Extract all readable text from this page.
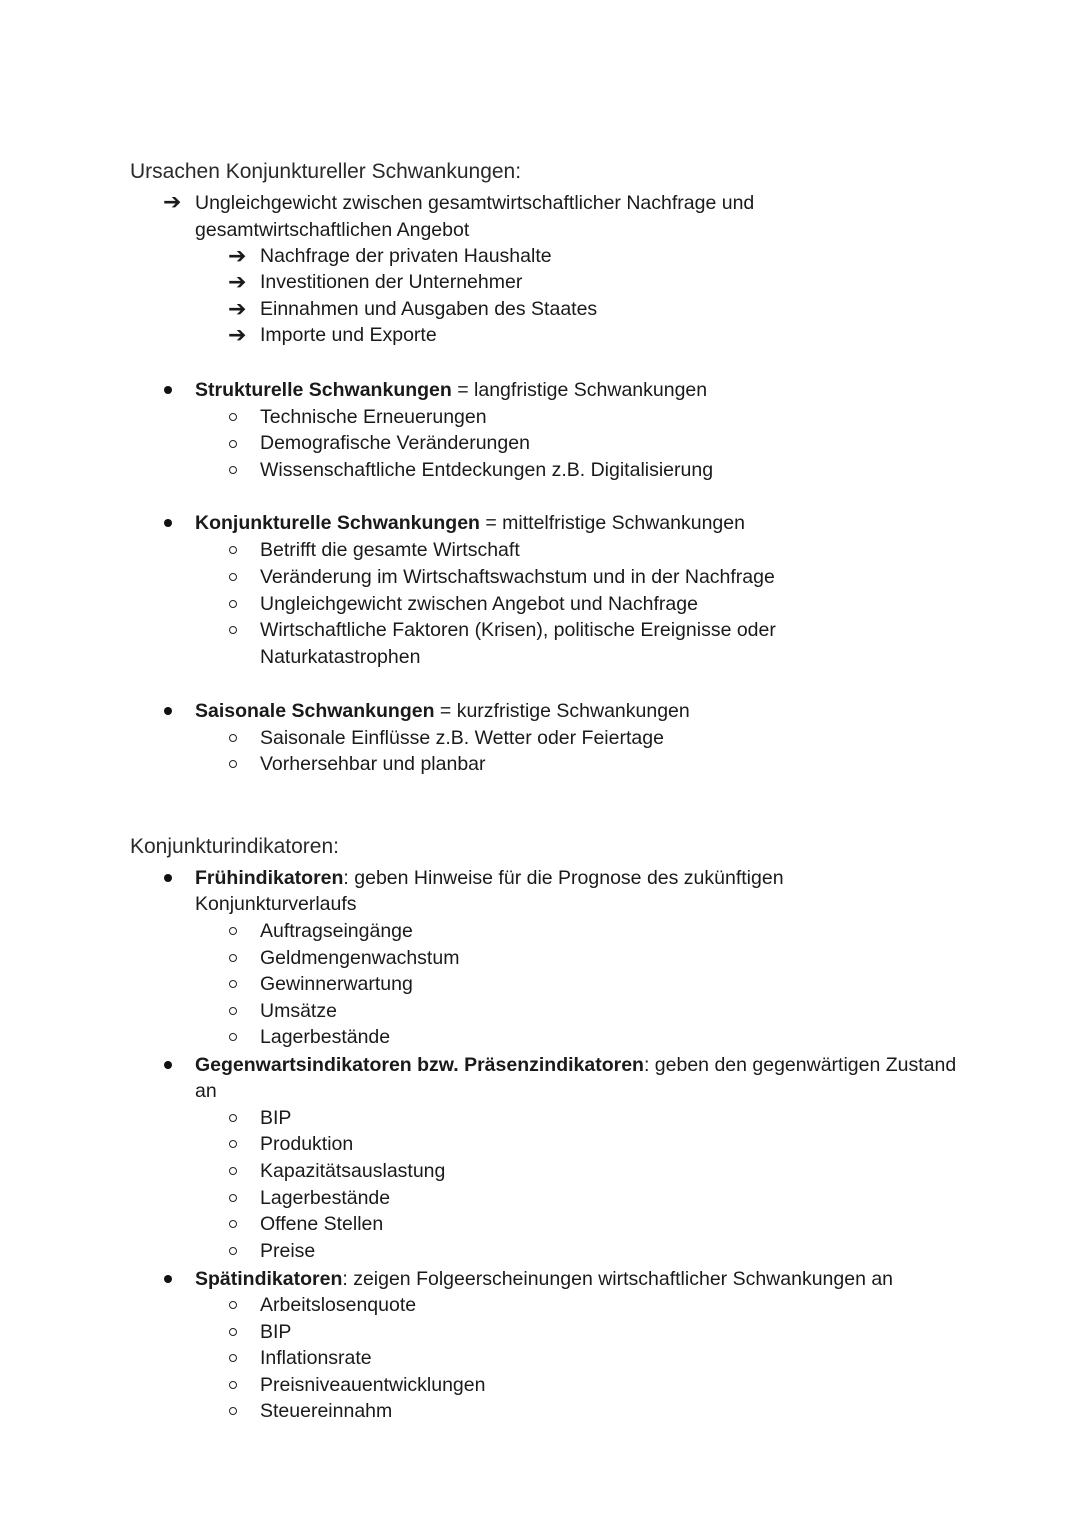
Ursachen Konjunktureller Schwankungen:
➔ Ungleichgewicht zwischen gesamtwirtschaftlicher Nachfrage und
gesamtwirtschaftlichen Angebot
➔ Nachfrage der privaten Haushalte
➔ Investitionen der Unternehmer
➔ Einnahmen und Ausgaben des Staates
➔ Importe und Exporte
Strukturelle Schwankungen = langfristige Schwankungen
Technische Erneuerungen
Demografische Veränderungen
Wissenschaftliche Entdeckungen z.B. Digitalisierung
Konjunkturelle Schwankungen = mittelfristige Schwankungen
Betrifft die gesamte Wirtschaft
Veränderung im Wirtschaftswachstum und in der Nachfrage
Ungleichgewicht zwischen Angebot und Nachfrage
Wirtschaftliche Faktoren (Krisen), politische Ereignisse oder
Naturkatastrophen
Saisonale Schwankungen = kurzfristige Schwankungen
Saisonale Einflüsse z.B. Wetter oder Feiertage
Vorhersehbar und planbar
Konjunkturindikatoren:
Frühindikatoren: geben Hinweise für die Prognose des zukünftigen
Konjunkturverlaufs
Auftragseingänge
Geldmengenwachstum
Gewinnerwartung
Umsätze
Lagerbestände
Gegenwartsindikatoren bzw. Präsenzindikatoren: geben den gegenwärtigen Zustand
an
BIP
Produktion
Kapazitätsauslastung
Lagerbestände
Offene Stellen
Preise
Spätindikatoren: zeigen Folgeerscheinungen wirtschaftlicher Schwankungen an
Arbeitslosenquote
BIP
Inflationsrate
Preisniveauentwicklungen
Steuereinnahm
